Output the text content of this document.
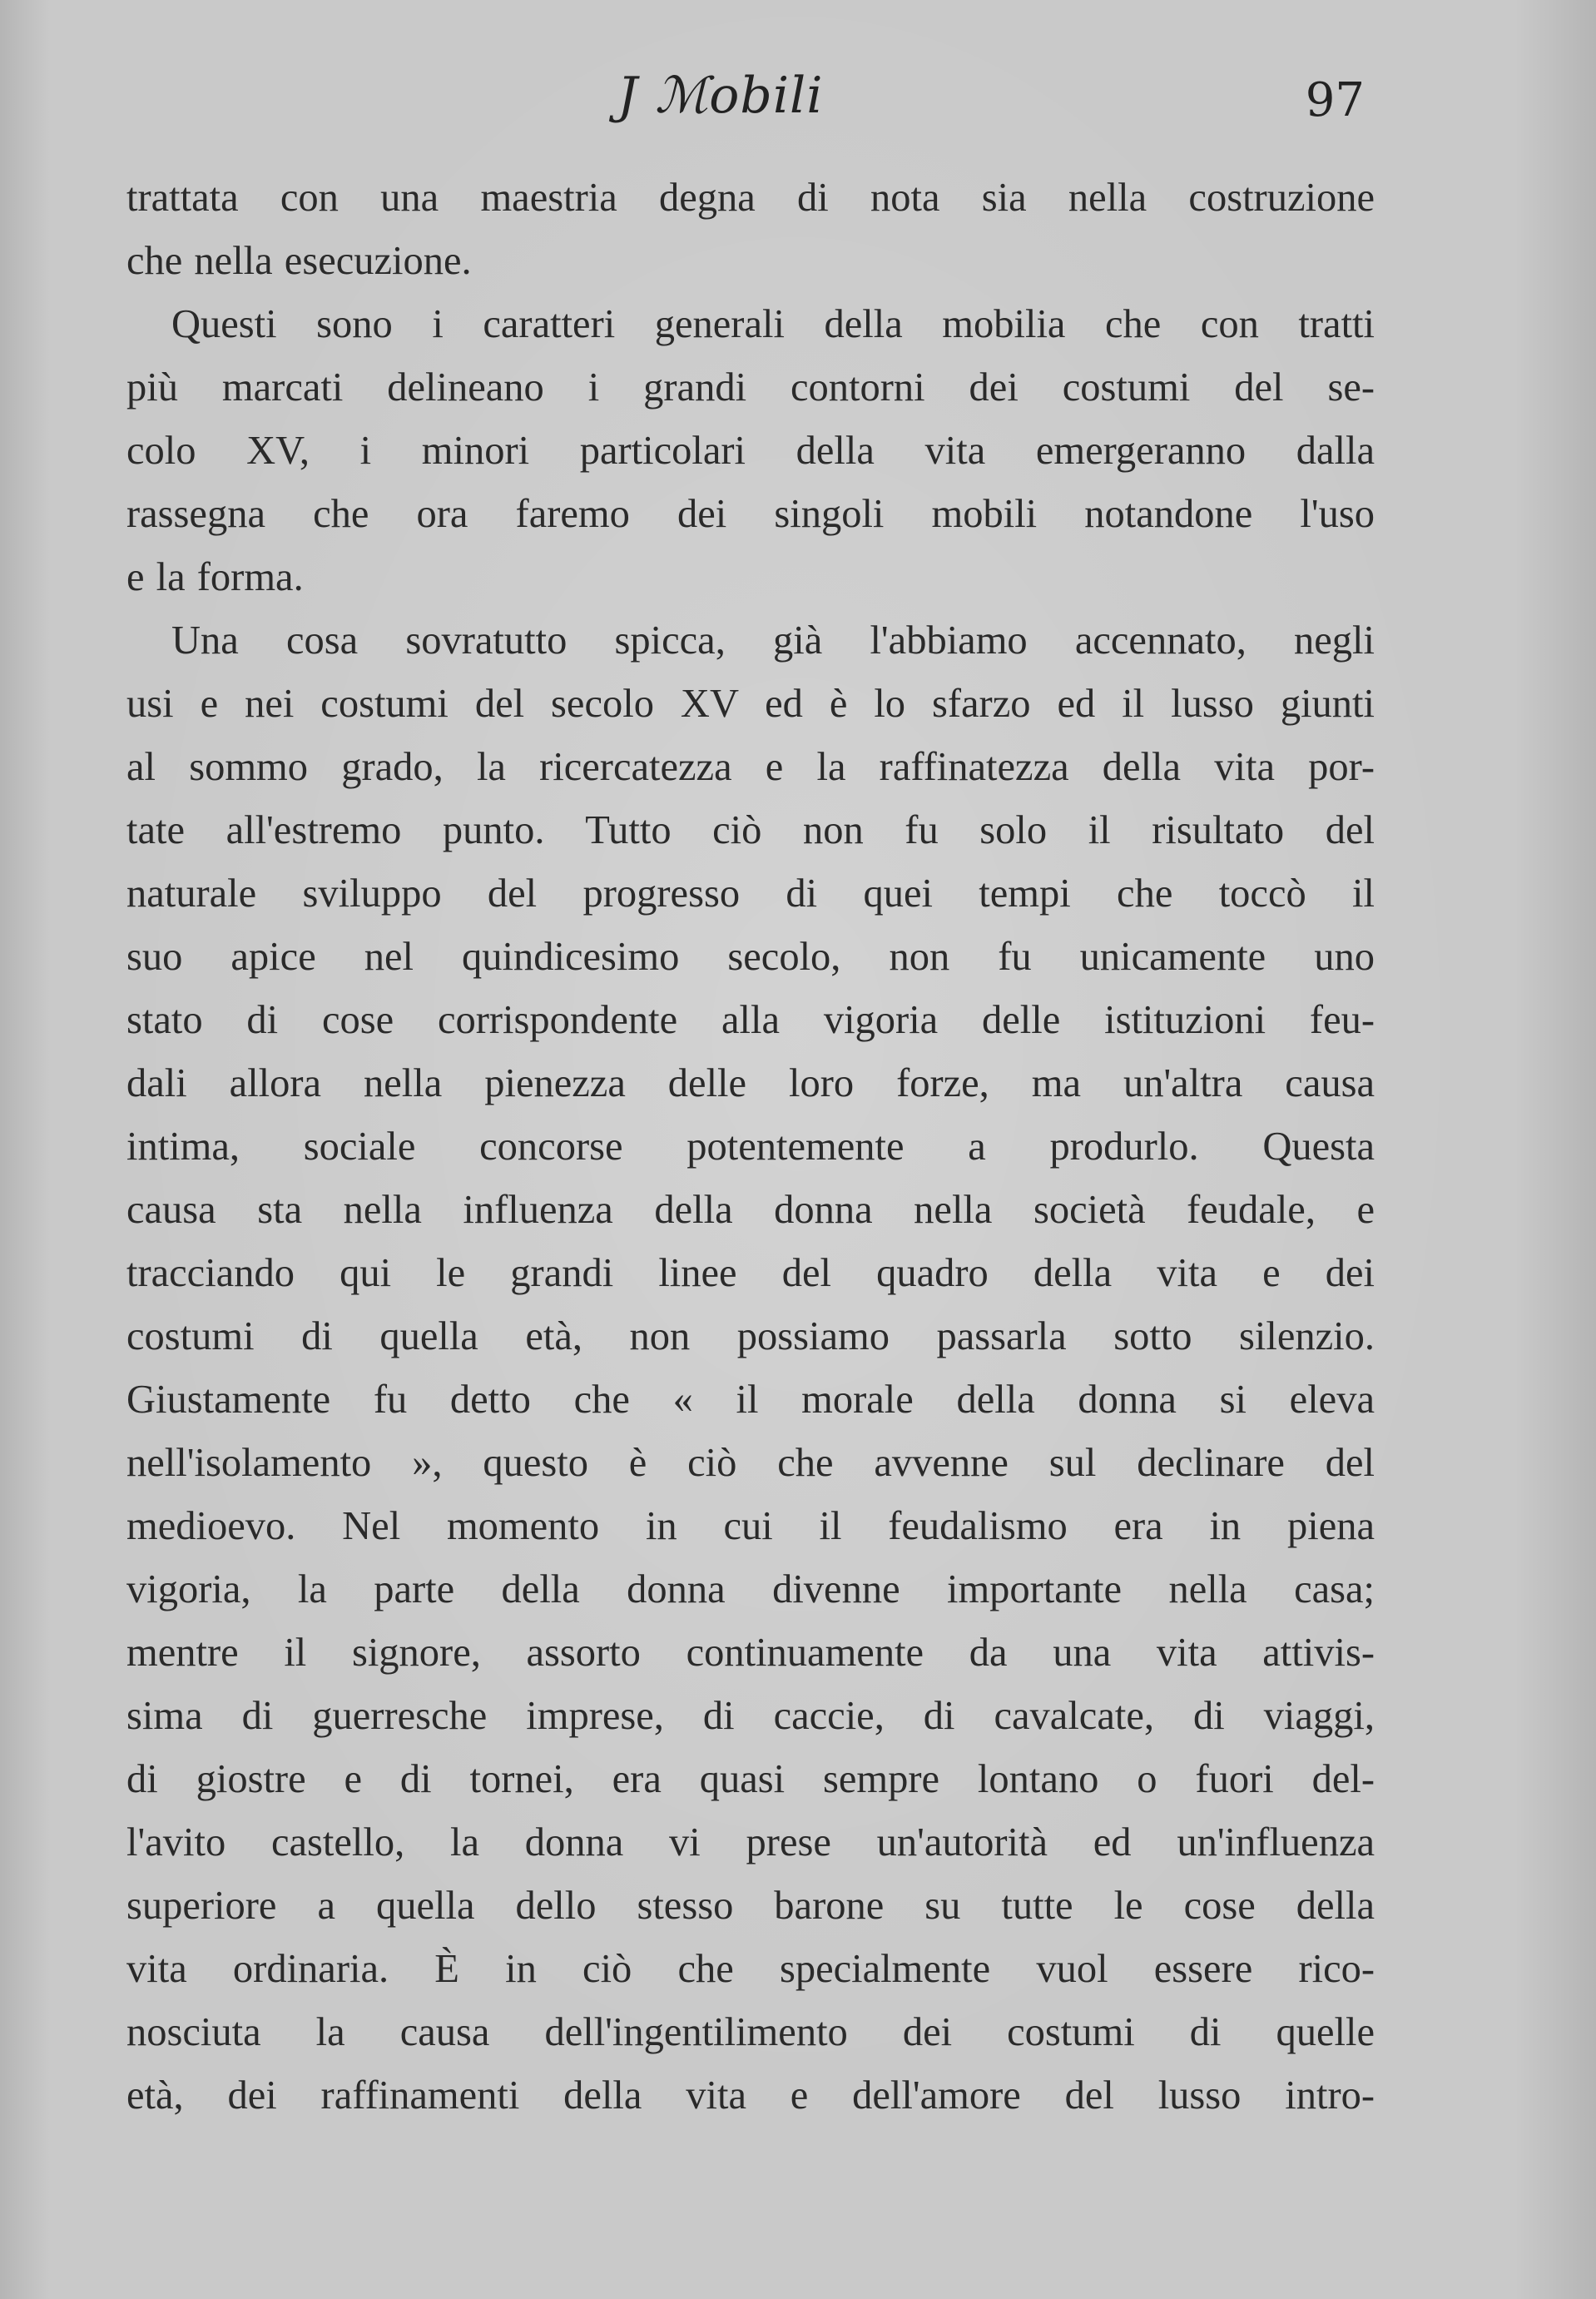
J ℳobili	97
trattata con una maestria degna di nota sia nella costruzione
che nella esecuzione.
Questi sono i caratteri generali della mobilia che con tratti
più marcati delineano i grandi contorni dei costumi del se-
colo XV, i minori particolari della vita emergeranno dalla
rassegna che ora faremo dei singoli mobili notandone l'uso
e la forma.
Una cosa sovratutto spicca, già l'abbiamo accennato, negli
usi e nei costumi del secolo XV ed è lo sfarzo ed il lusso giunti
al sommo grado, la ricercatezza e la raffinatezza della vita por-
tate all'estremo punto. Tutto ciò non fu solo il risultato del
naturale sviluppo del progresso di quei tempi che toccò il
suo apice nel quindicesimo secolo, non fu unicamente uno
stato di cose corrispondente alla vigoria delle istituzioni feu-
dali allora nella pienezza delle loro forze, ma un'altra causa
intima, sociale concorse potentemente a produrlo. Questa
causa sta nella influenza della donna nella società feudale, e
tracciando qui le grandi linee del quadro della vita e dei
costumi di quella età, non possiamo passarla sotto silenzio.
Giustamente fu detto che « il morale della donna si eleva
nell'isolamento », questo è ciò che avvenne sul declinare del
medioevo. Nel momento in cui il feudalismo era in piena
vigoria, la parte della donna divenne importante nella casa;
mentre il signore, assorto continuamente da una vita attivis-
sima di guerresche imprese, di caccie, di cavalcate, di viaggi,
di giostre e di tornei, era quasi sempre lontano o fuori del-
l'avito castello, la donna vi prese un'autorità ed un'influenza
superiore a quella dello stesso barone su tutte le cose della
vita ordinaria. È in ciò che specialmente vuol essere rico-
nosciuta la causa dell'ingentilimento dei costumi di quelle
età, dei raffinamenti della vita e dell'amore del lusso intro-
